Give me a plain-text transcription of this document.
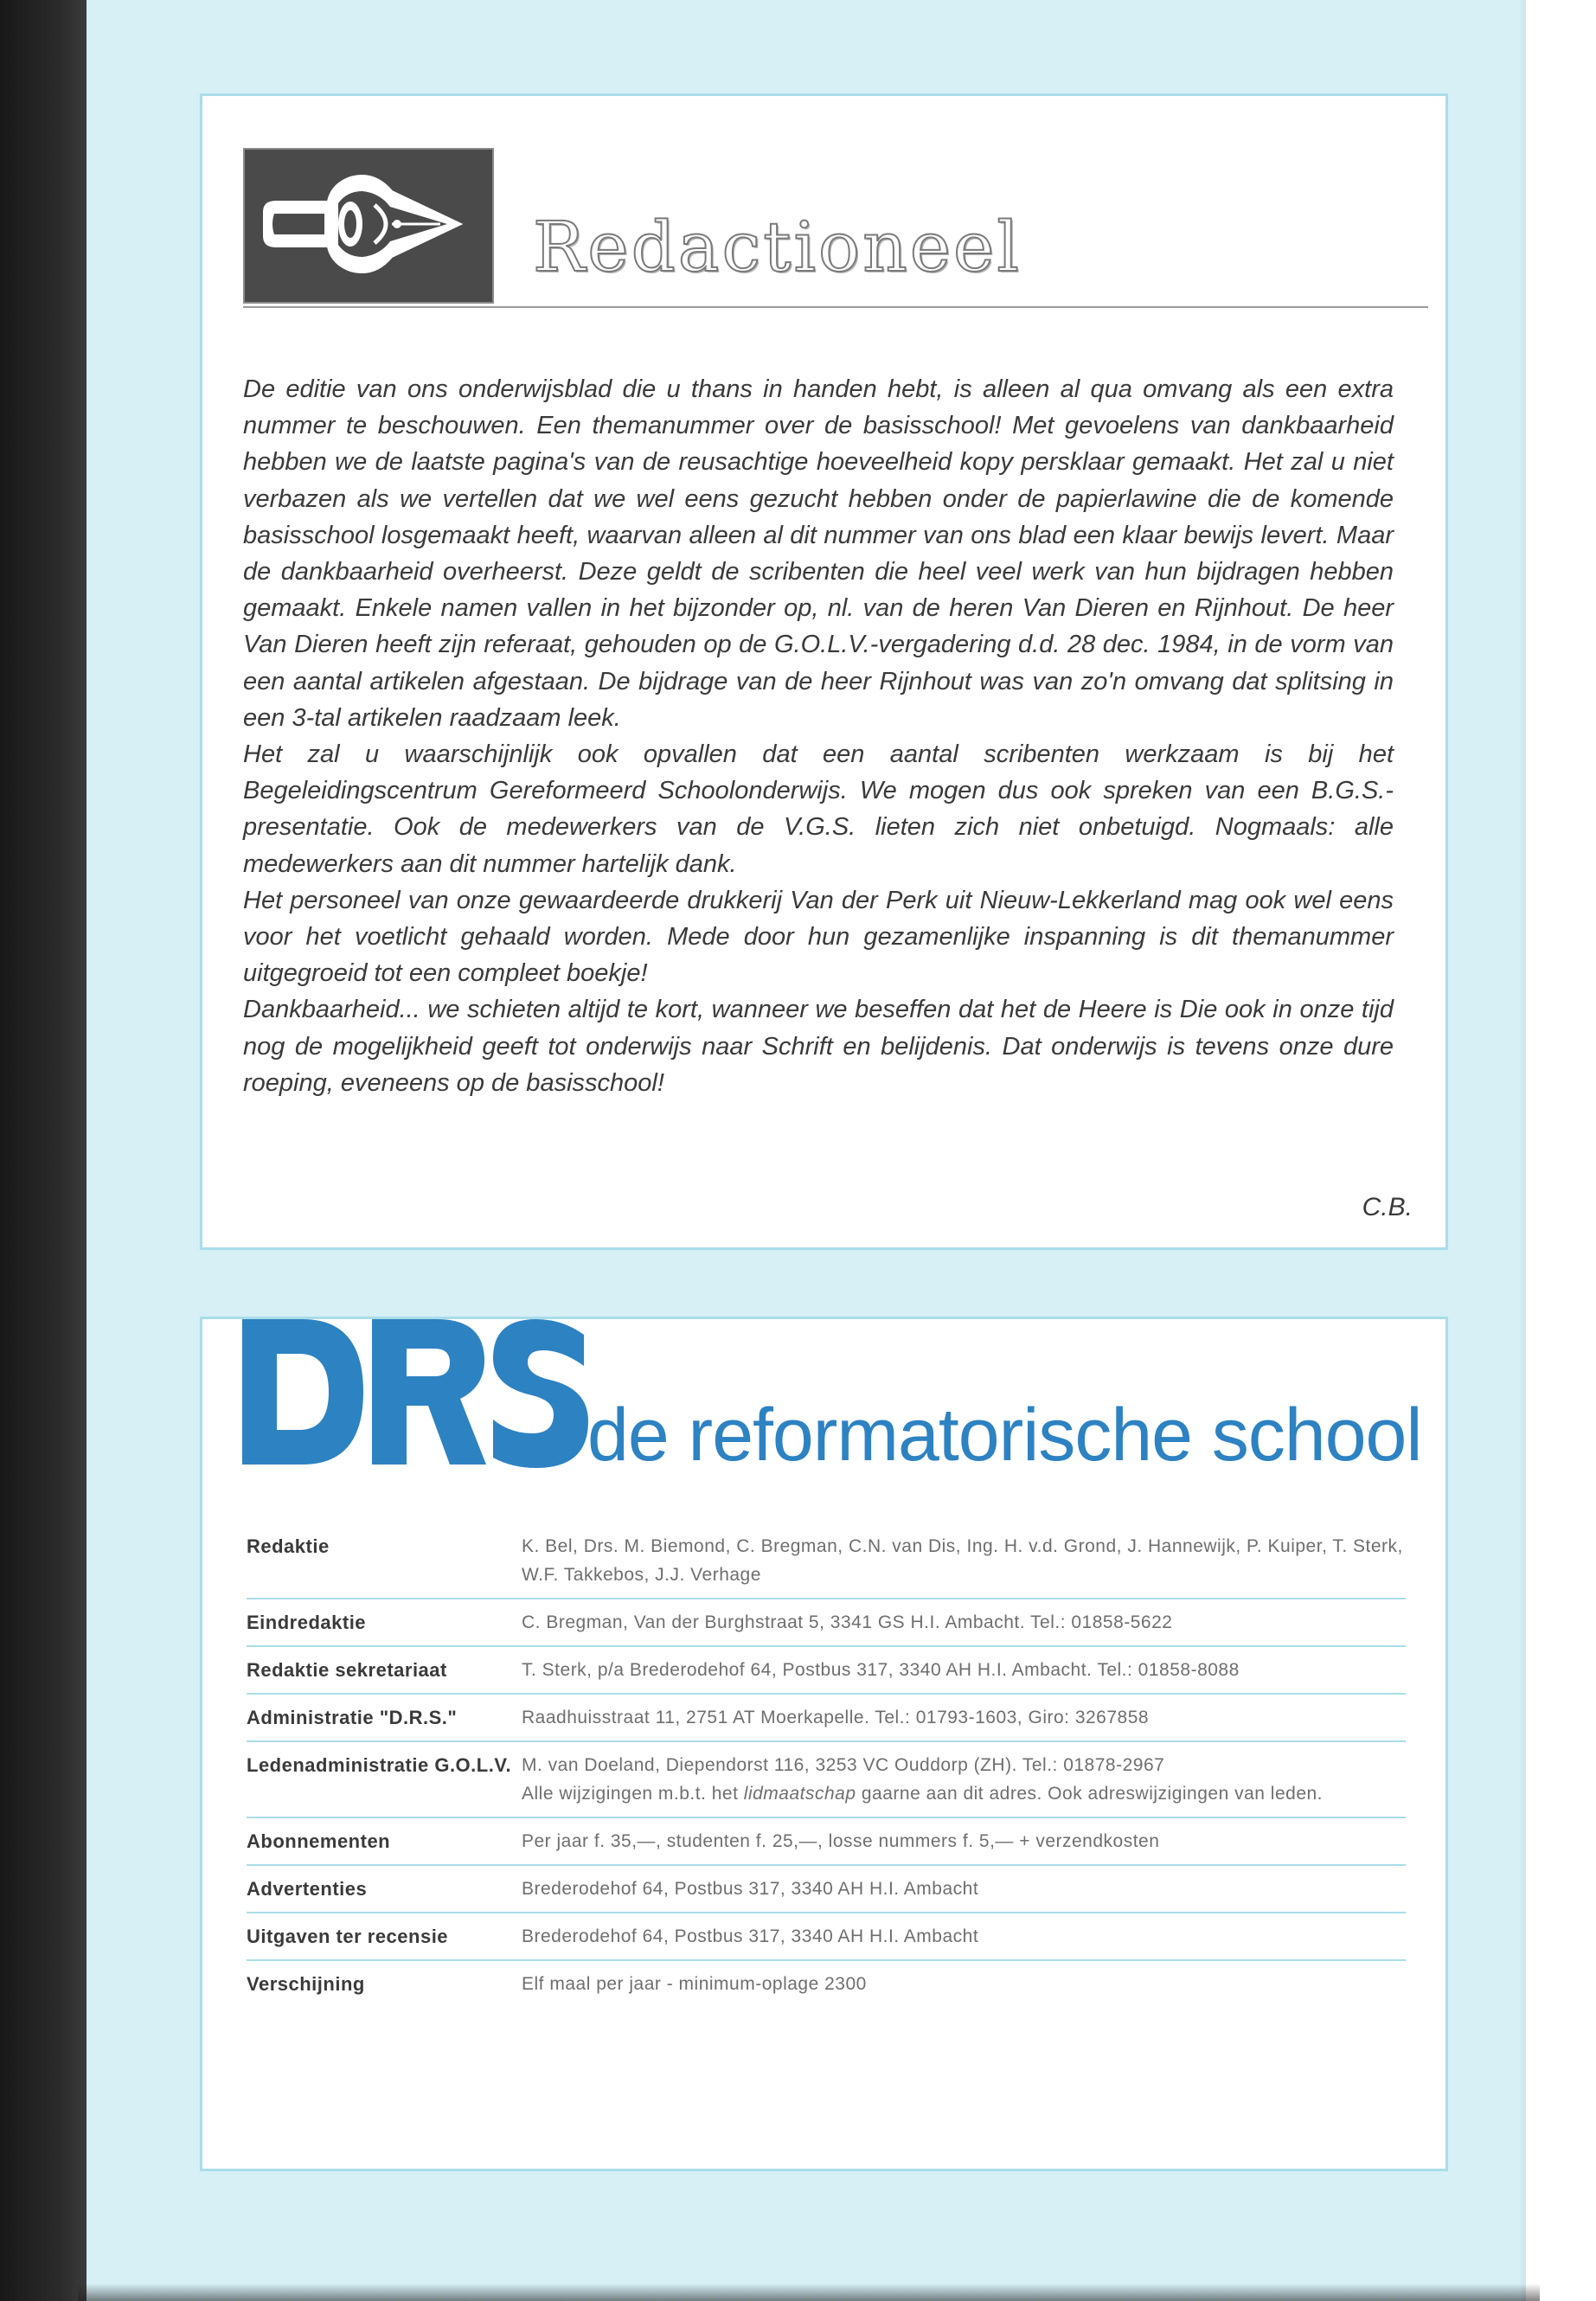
Redactioneel

De editie van ons onderwijsblad die u thans in handen hebt, is alleen al qua omvang als een extra nummer te beschouwen. Een themanummer over de basisschool! Met gevoelens van dankbaarheid hebben we de laatste pagina's van de reusachtige hoeveelheid kopy persklaar gemaakt. Het zal u niet verbazen als we vertellen dat we wel eens gezucht hebben onder de papierlawine die de komende basisschool losgemaakt heeft, waarvan alleen al dit nummer van ons blad een klaar bewijs levert. Maar de dankbaarheid overheerst. Deze geldt de scribenten die heel veel werk van hun bijdragen hebben gemaakt. Enkele namen vallen in het bijzonder op, nl. van de heren Van Dieren en Rijnhout. De heer Van Dieren heeft zijn referaat, gehouden op de G.O.L.V.-vergadering d.d. 28 dec. 1984, in de vorm van een aantal artikelen afgestaan. De bijdrage van de heer Rijnhout was van zo'n omvang dat splitsing in een 3-tal artikelen raadzaam leek.

Het zal u waarschijnlijk ook opvallen dat een aantal scribenten werkzaam is bij het Begeleidingscentrum Gereformeerd Schoolonderwijs. We mogen dus ook spreken van een B.G.S.-presentatie. Ook de medewerkers van de V.G.S. lieten zich niet onbetuigd. Nogmaals: alle medewerkers aan dit nummer hartelijk dank.

Het personeel van onze gewaardeerde drukkerij Van der Perk uit Nieuw-Lekkerland mag ook wel eens voor het voetlicht gehaald worden. Mede door hun gezamenlijke inspanning is dit themanummer uitgegroeid tot een compleet boekje!

Dankbaarheid... we schieten altijd te kort, wanneer we beseffen dat het de Heere is Die ook in onze tijd nog de mogelijkheid geeft tot onderwijs naar Schrift en belijdenis. Dat onderwijs is tevens onze dure roeping, eveneens op de basisschool!

C.B.
de reformatorische school
Redaktie	K. Bel, Drs. M. Biemond, C. Bregman, C.N. van Dis, Ing. H. v.d. Grond, J. Hannewijk, P. Kuiper, T. Sterk, W.F. Takkebos, J.J. Verhage
Eindredaktie	C. Bregman, Van der Burghstraat 5, 3341 GS H.I. Ambacht. Tel.: 01858-5622
Redaktie sekretariaat	T. Sterk, p/a Brederodehof 64, Postbus 317, 3340 AH H.I. Ambacht. Tel.: 01858-8088
Administratie "D.R.S."	Raadhuisstraat 11, 2751 AT Moerkapelle. Tel.: 01793-1603, Giro: 3267858
Ledenadministratie G.O.L.V.	M. van Doeland, Diependorst 116, 3253 VC Ouddorp (ZH). Tel.: 01878-2967
Alle wijzigingen m.b.t. het lidmaatschap gaarne aan dit adres. Ook adreswijzigingen van leden.
Abonnementen	Per jaar f. 35,—, studenten f. 25,—, losse nummers f. 5,— + verzendkosten
Advertenties	Brederodehof 64, Postbus 317, 3340 AH H.I. Ambacht
Uitgaven ter recensie	Brederodehof 64, Postbus 317, 3340 AH H.I. Ambacht
Verschijning	Elf maal per jaar - minimum-oplage 2300
